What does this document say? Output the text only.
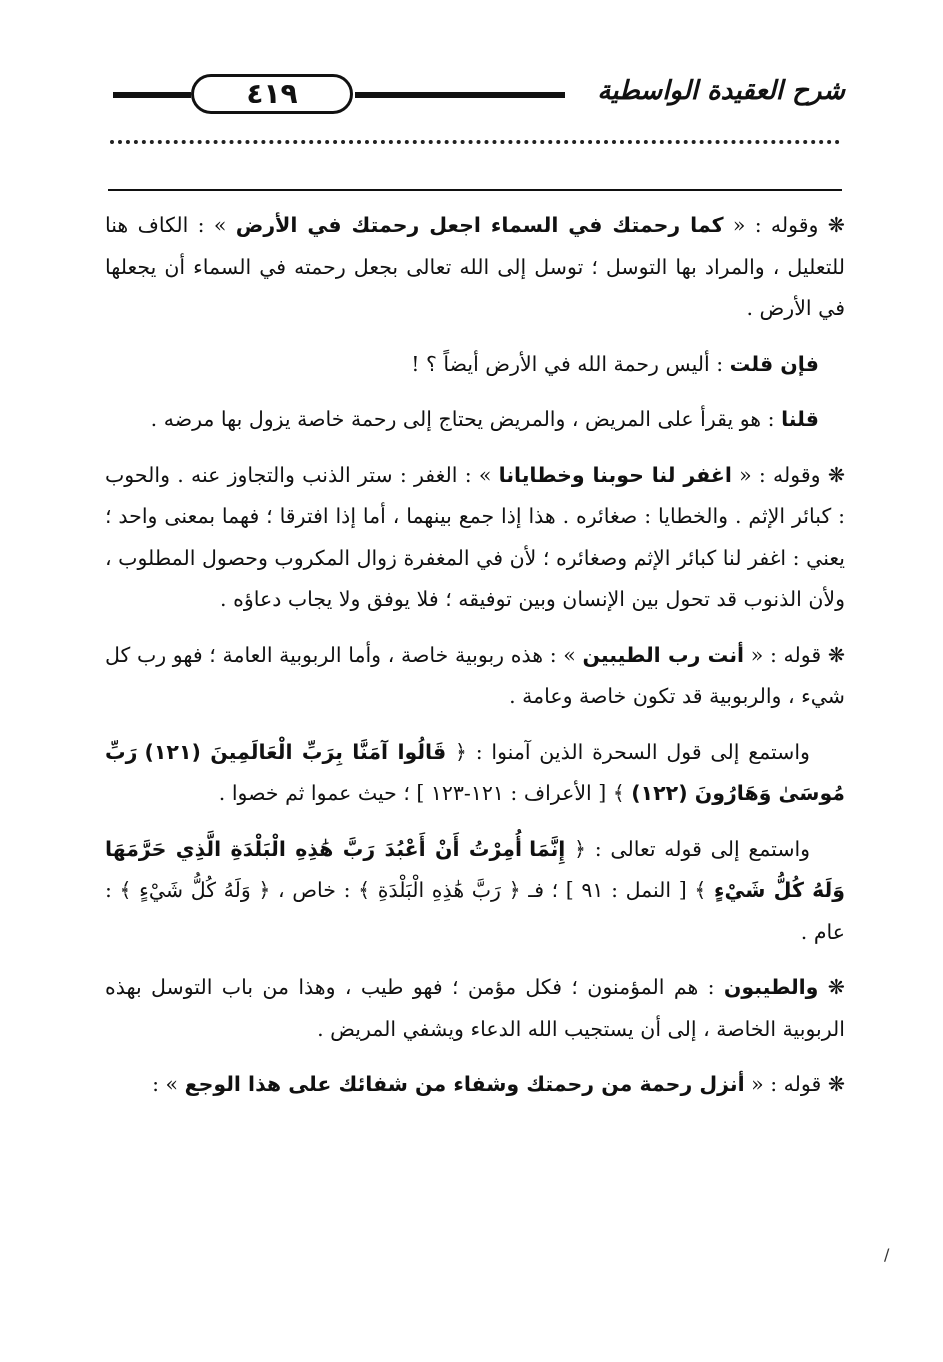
٤١٩	شرح العقيدة الواسطية

❋ وقوله : « كما رحمتك في السماء اجعل رحمتك في الأرض » : الكاف هنا للتعليل ، والمراد بها التوسل ؛ توسل إلى الله تعالى بجعل رحمته في السماء أن يجعلها في الأرض .

فإن قلت : أليس رحمة الله في الأرض أيضاً ؟ !

قلنا : هو يقرأ على المريض ، والمريض يحتاج إلى رحمة خاصة يزول بها مرضه .

❋ وقوله : « اغفر لنا حوبنا وخطايانا » : الغفر : ستر الذنب والتجاوز عنه . والحوب : كبائر الإثم . والخطايا : صغائره . هذا إذا جمع بينهما ، أما إذا افترقا ؛ فهما بمعنى واحد ؛ يعني : اغفر لنا كبائر الإثم وصغائره ؛ لأن في المغفرة زوال المكروب وحصول المطلوب ، ولأن الذنوب قد تحول بين الإنسان وبين توفيقه ؛ فلا يوفق ولا يجاب دعاؤه .

❋ قوله : « أنت رب الطيبين » : هذه ربوبية خاصة ، وأما الربوبية العامة ؛ فهو رب كل شيء ، والربوبية قد تكون خاصة وعامة .

واستمع إلى قول السحرة الذين آمنوا : ﴿ قَالُوا آمَنَّا بِرَبِّ الْعَالَمِينَ (١٢١) رَبِّ مُوسَىٰ وَهَارُونَ (١٢٢) ﴾ [ الأعراف : ١٢١-١٢٣ ] ؛ حيث عموا ثم خصوا .

واستمع إلى قوله تعالى : ﴿ إِنَّمَا أُمِرْتُ أَنْ أَعْبُدَ رَبَّ هَٰذِهِ الْبَلْدَةِ الَّذِي حَرَّمَهَا وَلَهُ كُلُّ شَيْءٍ ﴾ [ النمل : ٩١ ] ؛ فـ ﴿ رَبَّ هَٰذِهِ الْبَلْدَةِ ﴾ : خاص ، ﴿ وَلَهُ كُلُّ شَيْءٍ ﴾ : عام .

❋ والطيبون : هم المؤمنون ؛ فكل مؤمن ؛ فهو طيب ، وهذا من باب التوسل بهذه الربوبية الخاصة ، إلى أن يستجيب الله الدعاء ويشفي المريض .

❋ قوله : « أنزل رحمة من رحمتك وشفاء من شفائك على هذا الوجع » :

/
